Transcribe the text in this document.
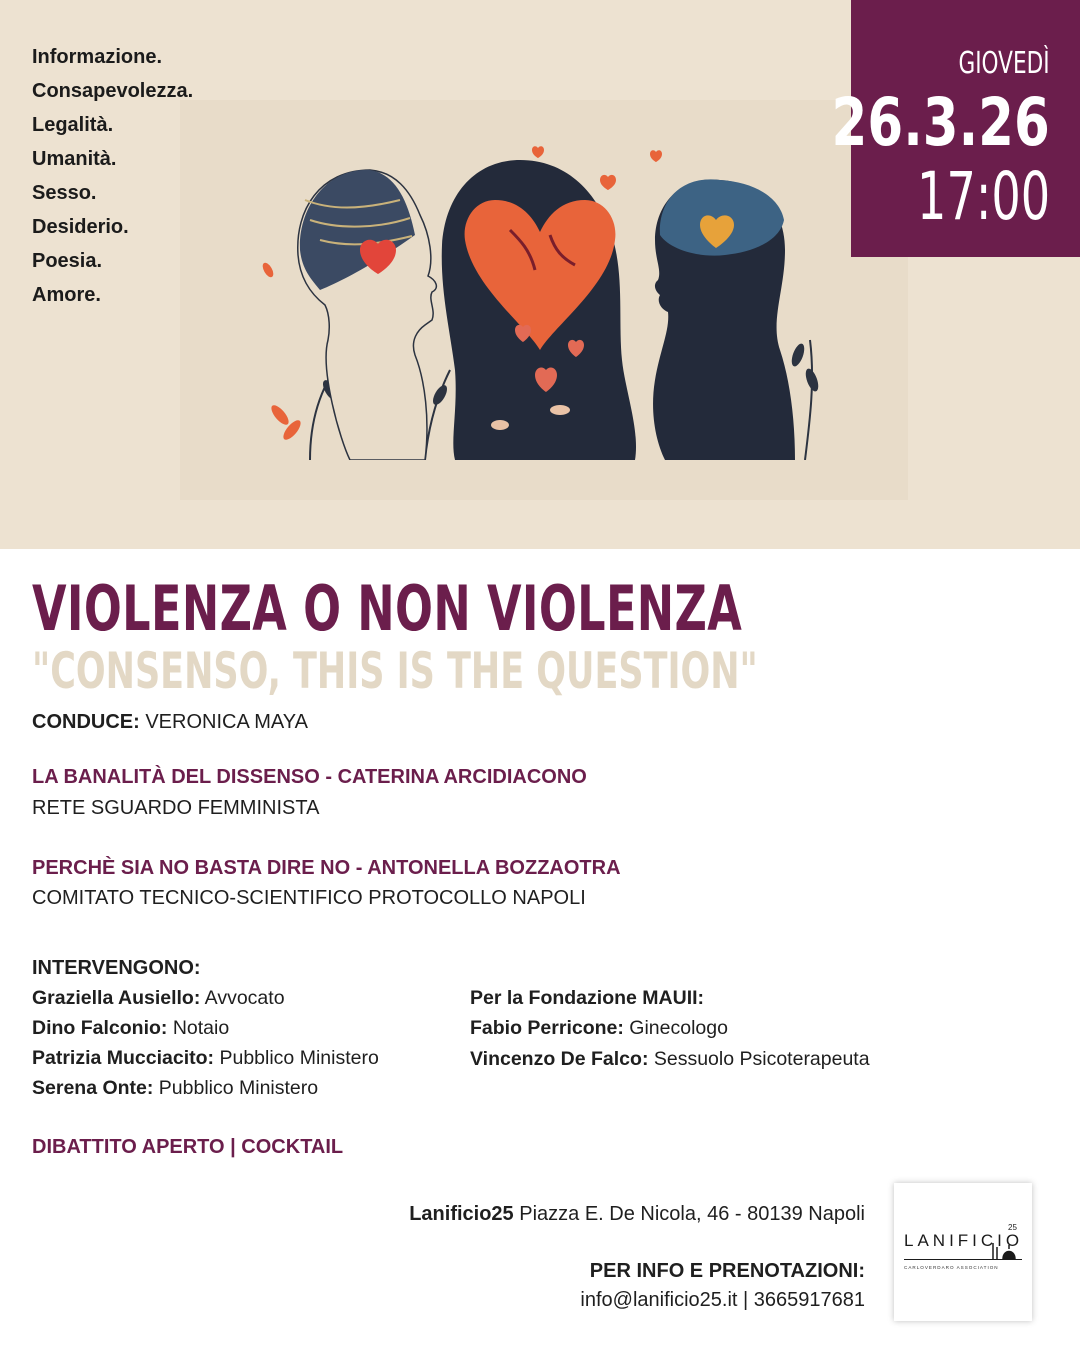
Informazione.
Consapevolezza.
Legalità.
Umanità.
Sesso.
Desiderio.
Poesia.
Amore.
GIOVEDÌ
26.3.26
17:00
VIOLENZA O NON VIOLENZA
"CONSENSO, THIS IS THE QUESTION"
CONDUCE: VERONICA MAYA
LA BANALITÀ DEL DISSENSO - CATERINA ARCIDIACONO
RETE SGUARDO FEMMINISTA
PERCHÈ SIA NO BASTA DIRE NO - ANTONELLA BOZZAOTRA
COMITATO TECNICO-SCIENTIFICO PROTOCOLLO NAPOLI
INTERVENGONO:
Graziella Ausiello: Avvocato
Dino Falconio: Notaio
Patrizia Mucciacito: Pubblico Ministero
Serena Onte: Pubblico Ministero
Per la Fondazione MAUII:
Fabio Perricone: Ginecologo
Vincenzo De Falco: Sessuolo Psicoterapeuta
DIBATTITO APERTO | COCKTAIL
Lanificio25 Piazza E. De Nicola, 46 - 80139 Napoli
PER INFO E PRENOTAZIONI:
info@lanificio25.it | 3665917681
LANIFICIO
25
CARLOVERDARO ASSOCIATION
